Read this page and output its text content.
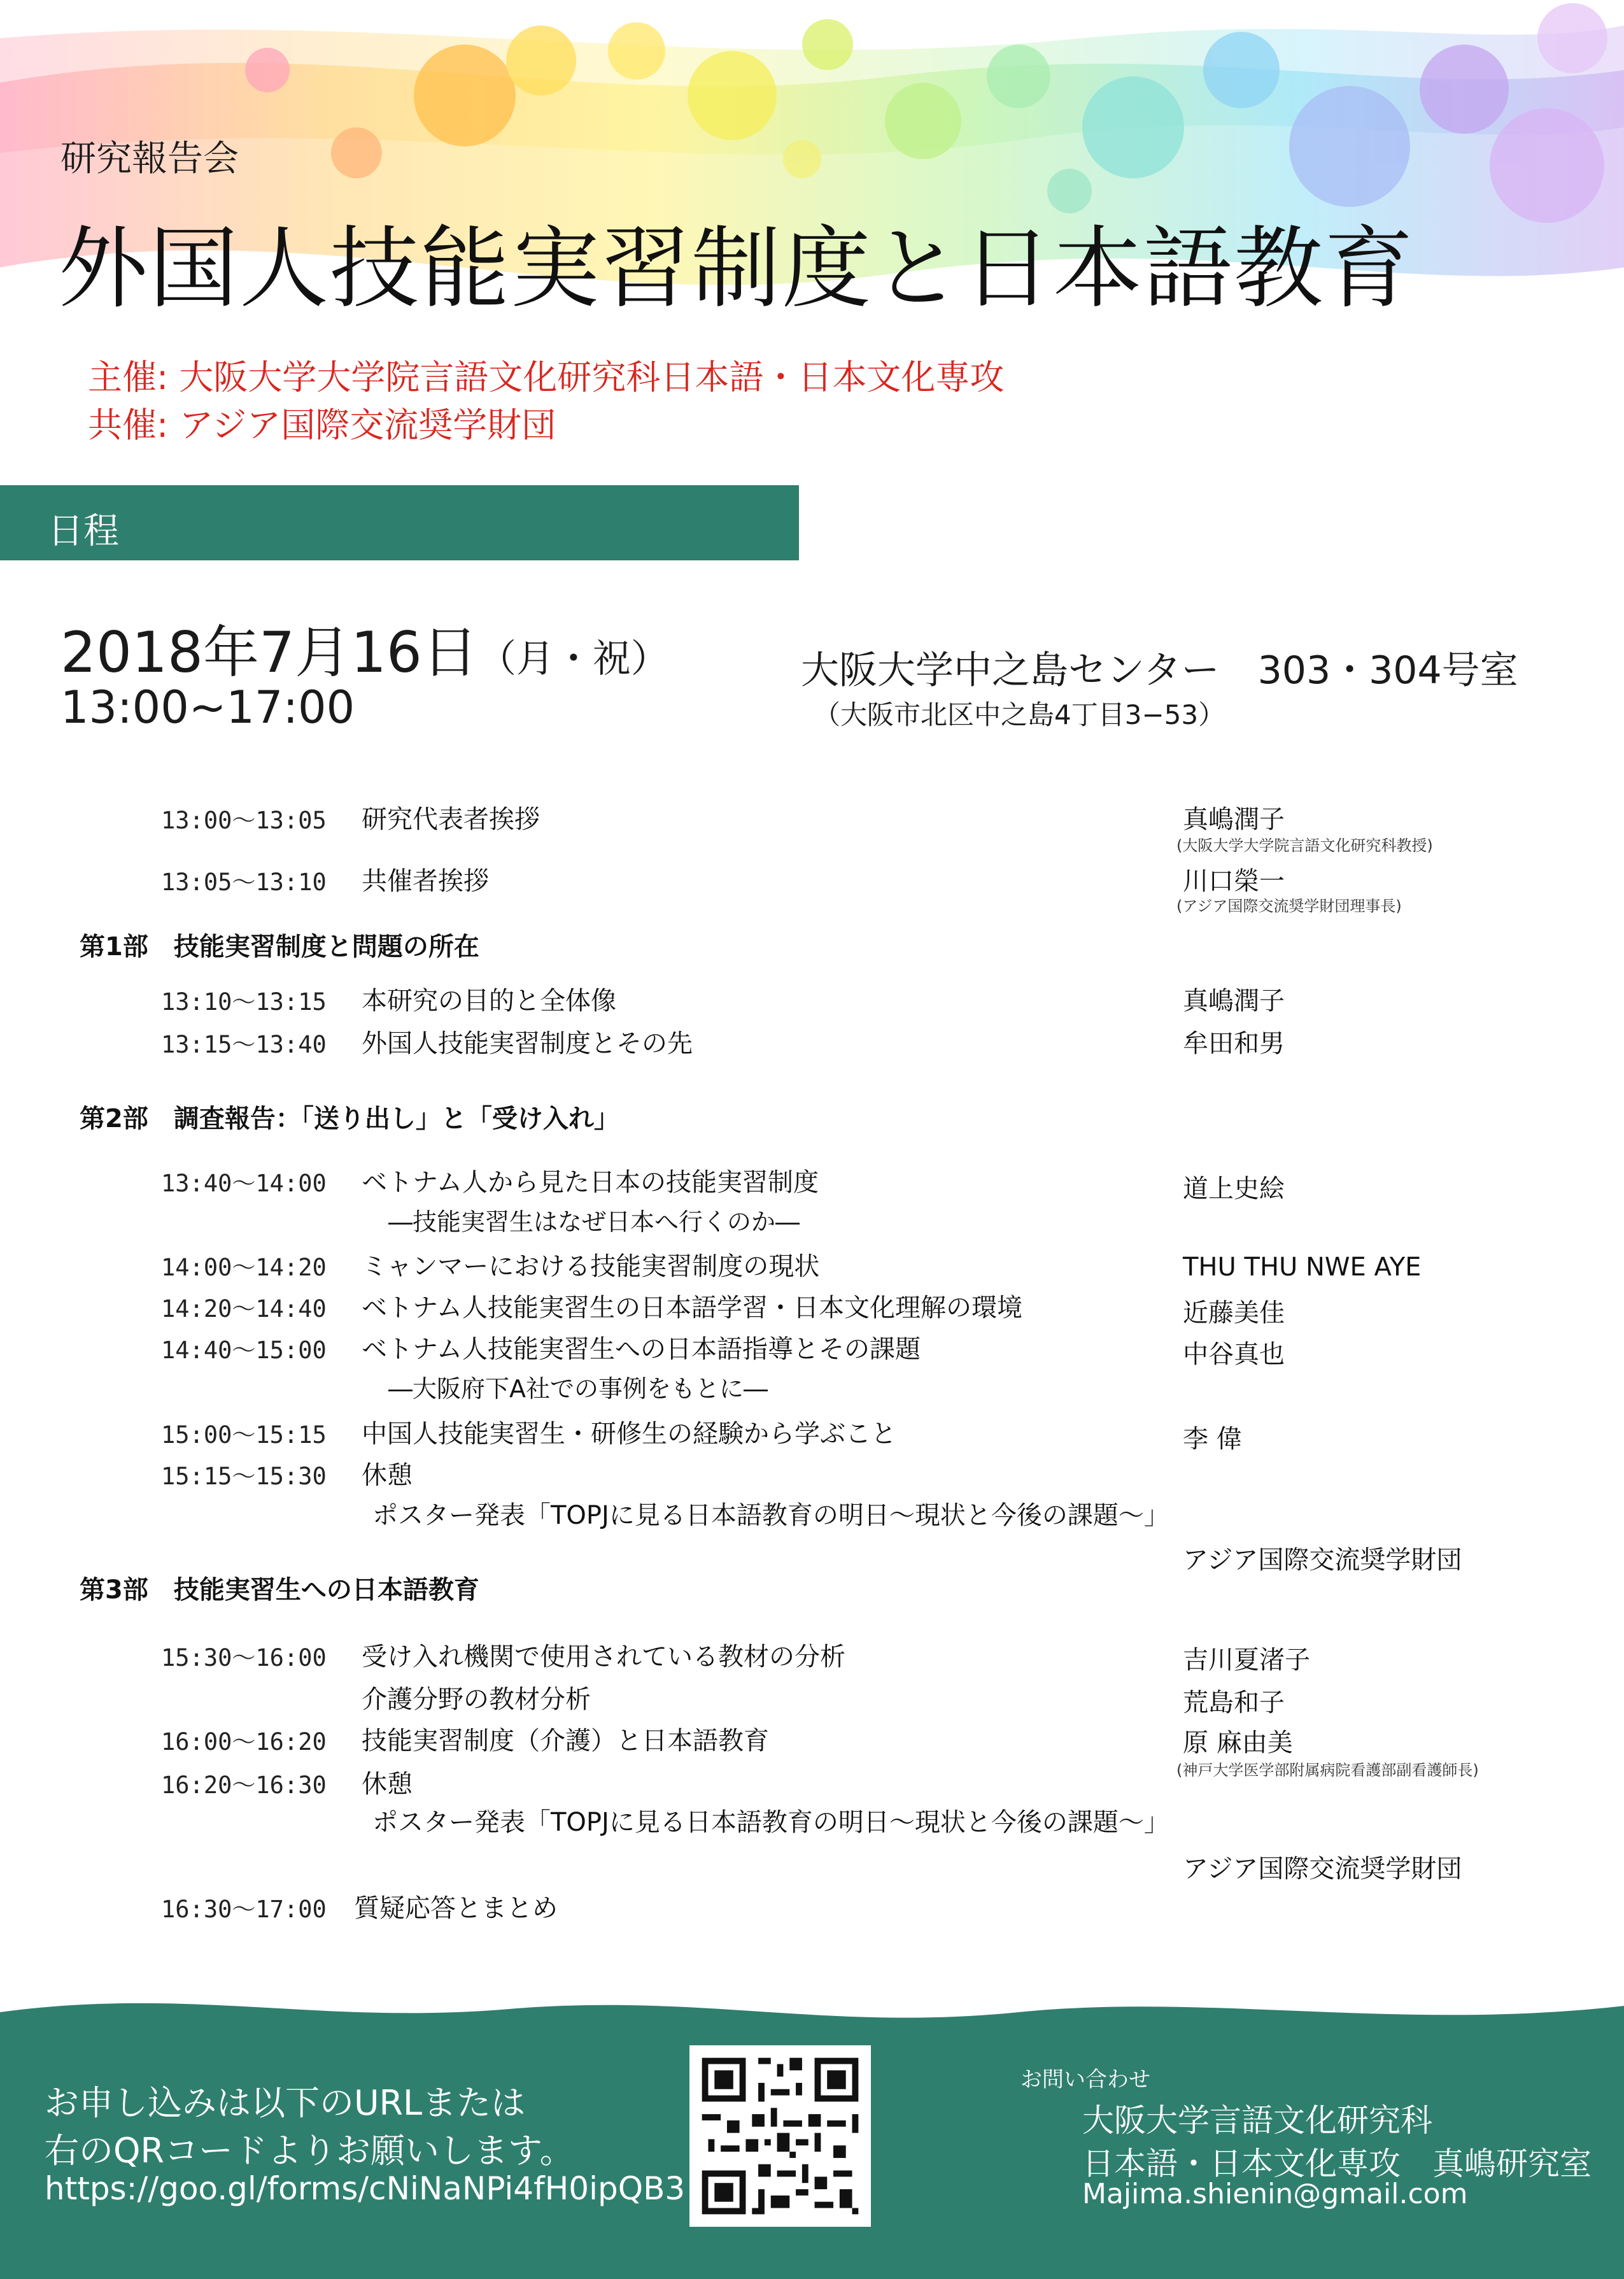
研究報告会
外国人技能実習制度と日本語教育
主催: 大阪大学大学院言語文化研究科日本語・日本文化専攻
共催: アジア国際交流奨学財団
日程
2018年7月16日（月・祝）
13:00~17:00
大阪大学中之島センター　303・304号室
（大阪市北区中之島4丁目3−53）
13:00～13:05 研究代表者挨拶	真嶋潤子
(大阪大学大学院言語文化研究科教授)
13:05～13:10 共催者挨拶	川口榮一
(アジア国際交流奨学財団理事長)
第1部　技能実習制度と問題の所在
13:10～13:15 本研究の目的と全体像	真嶋潤子
13:15～13:40 外国人技能実習制度とその先	牟田和男
第2部　調査報告：「送り出し」と「受け入れ」
13:40～14:00 ベトナム人から見た日本の技能実習制度	道上史絵
―技能実習生はなぜ日本へ行くのか―
14:00～14:20 ミャンマーにおける技能実習制度の現状	THU THU NWE AYE
14:20～14:40 ベトナム人技能実習生の日本語学習・日本文化理解の環境	近藤美佳
14:40～15:00 ベトナム人技能実習生への日本語指導とその課題	中谷真也
―大阪府下A社での事例をもとに―
15:00～15:15 中国人技能実習生・研修生の経験から学ぶこと	李 偉
15:15～15:30 休憩
ポスター発表「TOPJに見る日本語教育の明日～現状と今後の課題～」
アジア国際交流奨学財団
第3部　技能実習生への日本語教育
15:30～16:00 受け入れ機関で使用されている教材の分析	吉川夏渚子
介護分野の教材分析	荒島和子
16:00～16:20 技能実習制度（介護）と日本語教育	原 麻由美
(神戸大学医学部附属病院看護部副看護師長)
16:20～16:30 休憩
ポスター発表「TOPJに見る日本語教育の明日～現状と今後の課題～」
アジア国際交流奨学財団
16:30～17:00 質疑応答とまとめ
お申し込みは以下のURLまたは
右のQRコードよりお願いします。
https://goo.gl/forms/cNiNaNPi4fH0ipQB3
お問い合わせ
大阪大学言語文化研究科
日本語・日本文化専攻　真嶋研究室
Majima.shienin@gmail.com
